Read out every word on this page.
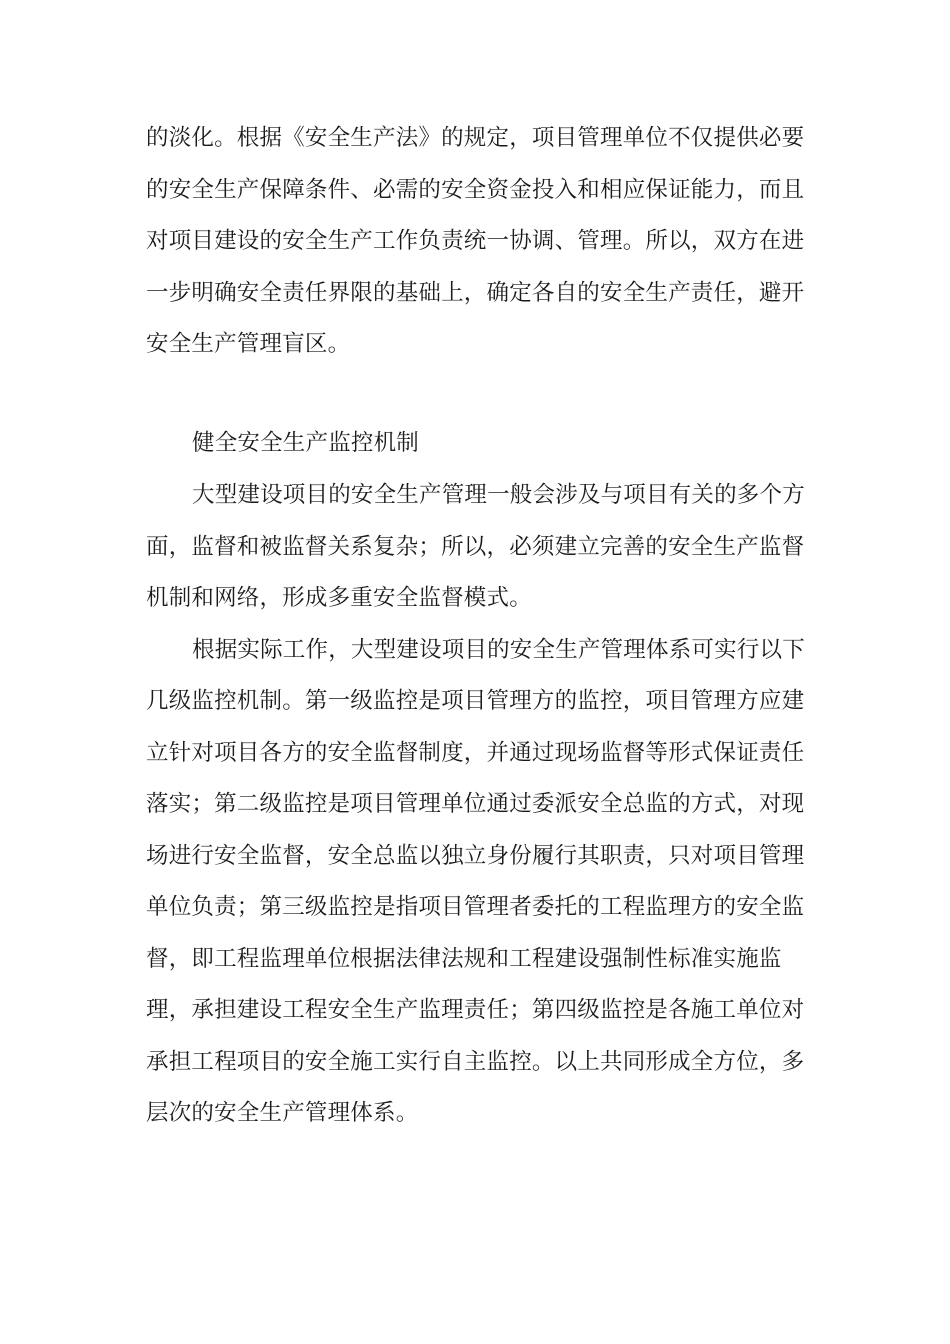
的淡化。根据《安全生产法》的规定，项目管理单位不仅提供必要
的安全生产保障条件、必需的安全资金投入和相应保证能力，而且
对项目建设的安全生产工作负责统一协调、管理。所以，双方在进
一步明确安全责任界限的基础上，确定各自的安全生产责任，避开
安全生产管理盲区。
健全安全生产监控机制
大型建设项目的安全生产管理一般会涉及与项目有关的多个方
面，监督和被监督关系复杂；所以，必须建立完善的安全生产监督
机制和网络，形成多重安全监督模式。
根据实际工作，大型建设项目的安全生产管理体系可实行以下
几级监控机制。第一级监控是项目管理方的监控，项目管理方应建
立针对项目各方的安全监督制度，并通过现场监督等形式保证责任
落实；第二级监控是项目管理单位通过委派安全总监的方式，对现
场进行安全监督，安全总监以独立身份履行其职责，只对项目管理
单位负责；第三级监控是指项目管理者委托的工程监理方的安全监
督，即工程监理单位根据法律法规和工程建设强制性标准实施监
理，承担建设工程安全生产监理责任；第四级监控是各施工单位对
承担工程项目的安全施工实行自主监控。以上共同形成全方位，多
层次的安全生产管理体系。
